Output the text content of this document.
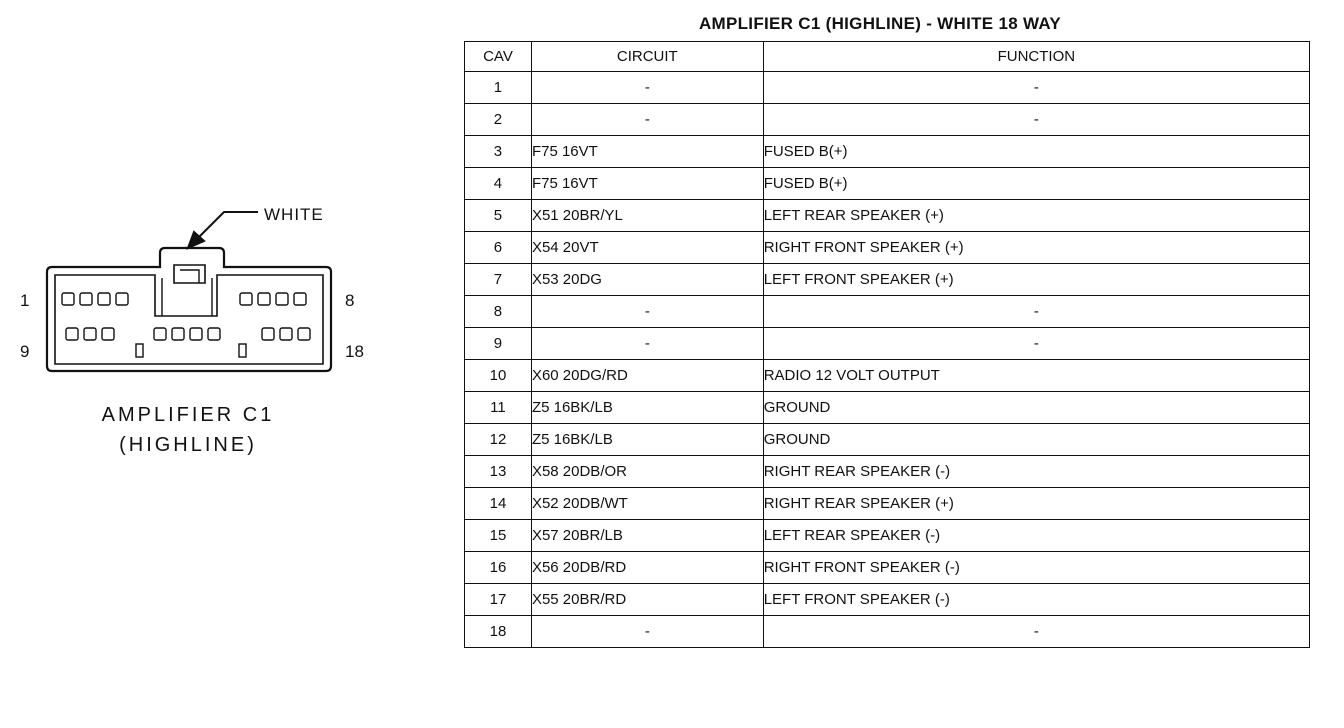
WHITE
1	8
9	18
AMPLIFIER C1
(HIGHLINE)
AMPLIFIER C1 (HIGHLINE) - WHITE 18 WAY
CAV	CIRCUIT	FUNCTION
1	-	-
2	-	-
3	F75 16VT	FUSED B(+)
4	F75 16VT	FUSED B(+)
5	X51 20BR/YL	LEFT REAR SPEAKER (+)
6	X54 20VT	RIGHT FRONT SPEAKER (+)
7	X53 20DG	LEFT FRONT SPEAKER (+)
8	-	-
9	-	-
10	X60 20DG/RD	RADIO 12 VOLT OUTPUT
11	Z5 16BK/LB	GROUND
12	Z5 16BK/LB	GROUND
13	X58 20DB/OR	RIGHT REAR SPEAKER (-)
14	X52 20DB/WT	RIGHT REAR SPEAKER (+)
15	X57 20BR/LB	LEFT REAR SPEAKER (-)
16	X56 20DB/RD	RIGHT FRONT SPEAKER (-)
17	X55 20BR/RD	LEFT FRONT SPEAKER (-)
18	-	-
